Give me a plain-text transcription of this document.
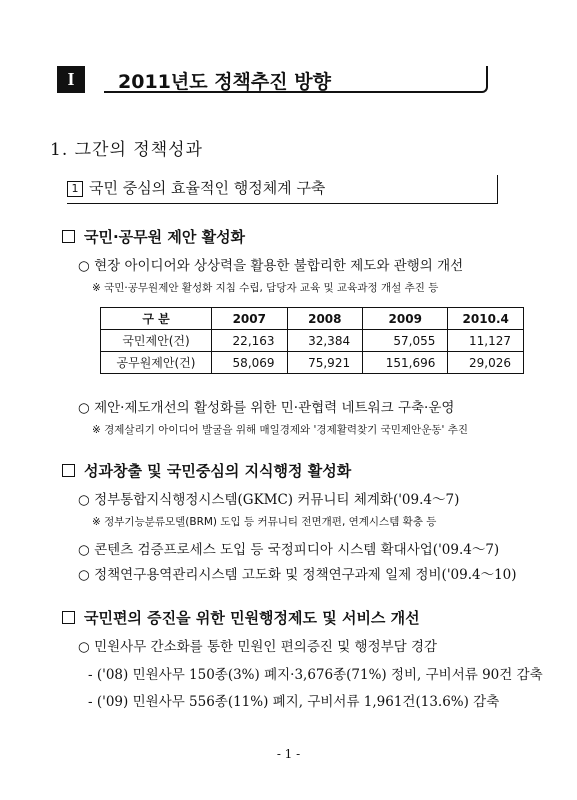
I	2011년도 정책추진 방향
1. 그간의 정책성과
1 국민 중심의 효율적인 행정체계 구축
국민·공무원 제안 활성화
○ 현장 아이디어와 상상력을 활용한 불합리한 제도와 관행의 개선
※ 국민·공무원제안 활성화 지침 수립, 담당자 교육 및 교육과정 개설 추진 등
구 분	2007	2008	2009	2010.4
국민제안(건)	22,163	32,384	57,055	11,127
공무원제안(건)	58,069	75,921	151,696	29,026
○ 제안·제도개선의 활성화를 위한 민·관협력 네트워크 구축·운영
※ 경제살리기 아이디어 발굴을 위해 매일경제와 '경제활력찾기 국민제안운동' 추진
성과창출 및 국민중심의 지식행정 활성화
○ 정부통합지식행정시스템(GKMC) 커뮤니티 체계화('09.4～7)
※ 정부기능분류모델(BRM) 도입 등 커뮤니티 전면개편, 연계시스템 확충 등
○ 콘텐츠 검증프로세스 도입 등 국정피디아 시스템 확대사업('09.4～7)
○ 정책연구용역관리시스템 고도화 및 정책연구과제 일제 정비('09.4～10)
국민편의 증진을 위한 민원행정제도 및 서비스 개선
○ 민원사무 간소화를 통한 민원인 편의증진 및 행정부담 경감
- ('08) 민원사무 150종(3%) 폐지·3,676종(71%) 정비, 구비서류 90건 감축
- ('09) 민원사무 556종(11%) 폐지, 구비서류 1,961건(13.6%) 감축
- 1 -
